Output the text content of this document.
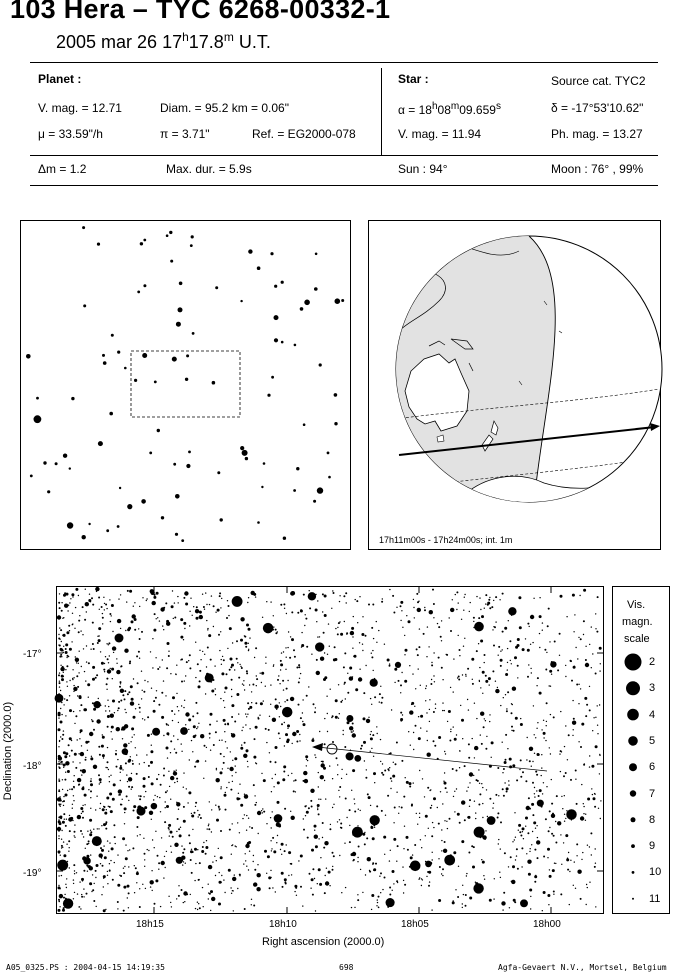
103 Hera – TYC 6268-00332-1
2005 mar 26 17$^h$17.8$^m$ U.T.
Planet :
V. mag. = 12.71	Diam. = 95.2 km = 0.06"
μ = 33.59"/h	π = 3.71"	Ref. = EG2000-078
Star :	Source cat. TYC2
$\alpha = 18^h08^m09.659^s$	δ = -17°53'10.62"
V. mag. = 11.94	Ph. mag. = 13.27
Δm = 1.2	Max. dur. = 5.9s	Sun : 94°	Moon : 76° , 99%
17h11m00s - 17h24m00s; int. 1m
-17°
-18°
-19°
18h15	18h10	18h05	18h00
Right ascension (2000.0)
Declination (2000.0)
Vis.
magn.
scale
2
3
4
5
6
7
8
9
10
11
A05_0325.PS : 2004-04-15 14:19:35	698	Agfa-Gevaert N.V., Mortsel, Belgium
